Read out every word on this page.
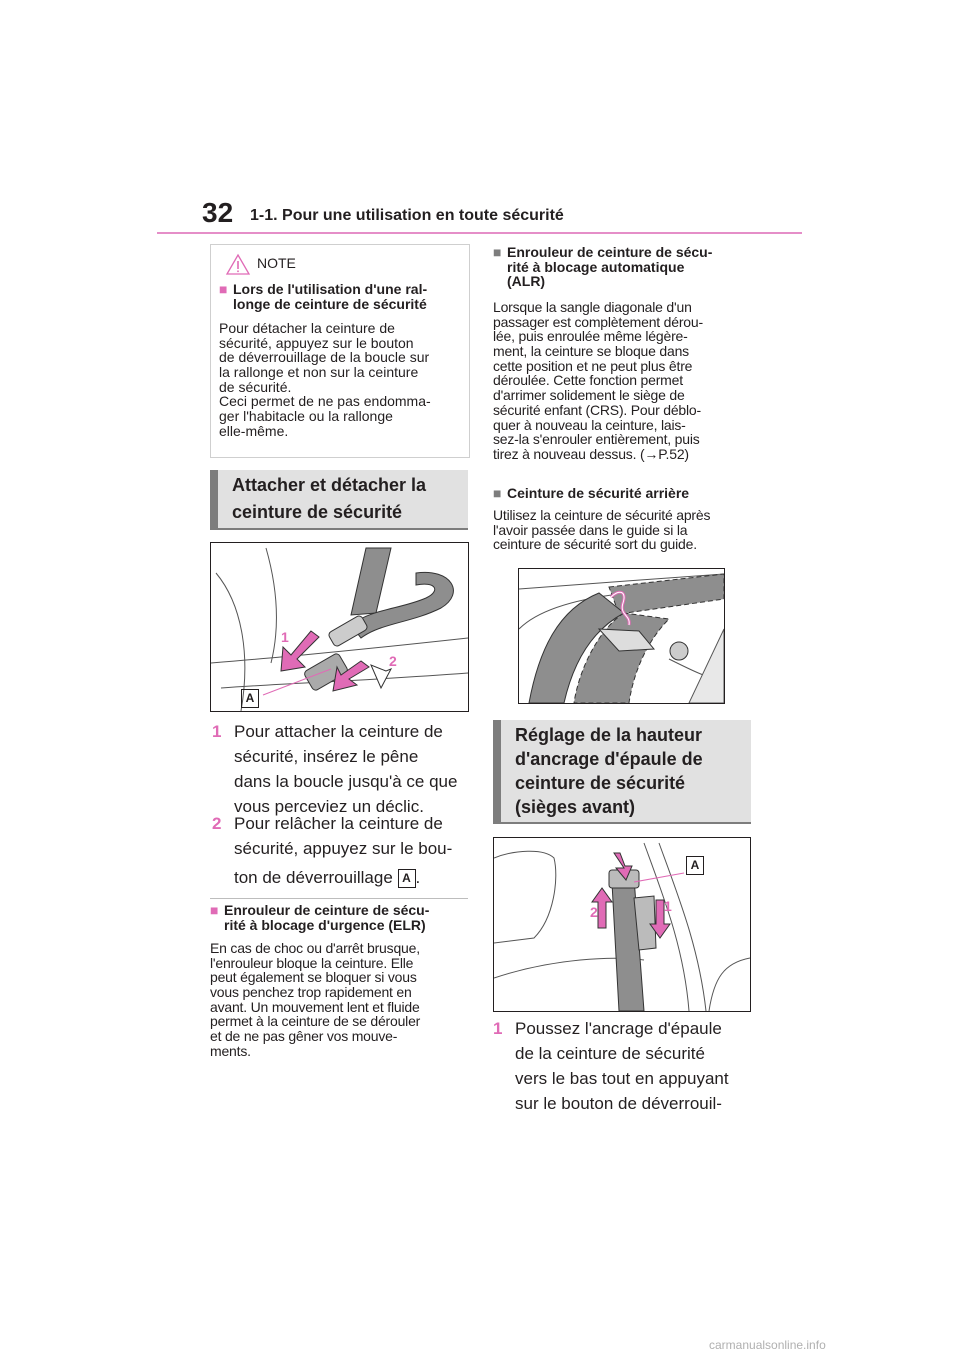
32 1-1. Pour une utilisation en toute sécurité
NOTE
■ Lors de l'utilisation d'une ral-
longe de ceinture de sécurité
Pour détacher la ceinture de
sécurité, appuyez sur le bouton
de déverrouillage de la boucle sur
la rallonge et non sur la ceinture
de sécurité.
Ceci permet de ne pas endomma-
ger l'habitacle ou la rallonge
elle-même.
Attacher et détacher la
ceinture de sécurité
1
2
A
1 Pour attacher la ceinture de
sécurité, insérez le pêne
dans la boucle jusqu'à ce que
vous perceviez un déclic.
2 Pour relâcher la ceinture de
sécurité, appuyez sur le bou-
ton de déverrouillage A .
■ Enrouleur de ceinture de sécu-
rité à blocage d'urgence (ELR)
En cas de choc ou d'arrêt brusque,
l'enrouleur bloque la ceinture. Elle
peut également se bloquer si vous
vous penchez trop rapidement en
avant. Un mouvement lent et fluide
permet à la ceinture de se dérouler
et de ne pas gêner vos mouve-
ments.
■ Enrouleur de ceinture de sécu-
rité à blocage automatique
(ALR)
Lorsque la sangle diagonale d'un
passager est complètement dérou-
lée, puis enroulée même légère-
ment, la ceinture se bloque dans
cette position et ne peut plus être
déroulée. Cette fonction permet
d'arrimer solidement le siège de
sécurité enfant (CRS). Pour déblo-
quer à nouveau la ceinture, lais-
sez-la s'enrouler entièrement, puis
tirez à nouveau dessus. (→P.52)
■ Ceinture de sécurité arrière
Utilisez la ceinture de sécurité après
l'avoir passée dans le guide si la
ceinture de sécurité sort du guide.
Réglage de la hauteur
d'ancrage d'épaule de
ceinture de sécurité
(sièges avant)
A
1
2
1 Poussez l'ancrage d'épaule
de la ceinture de sécurité
vers le bas tout en appuyant
sur le bouton de déverrouil-
carmanualsonline.info
